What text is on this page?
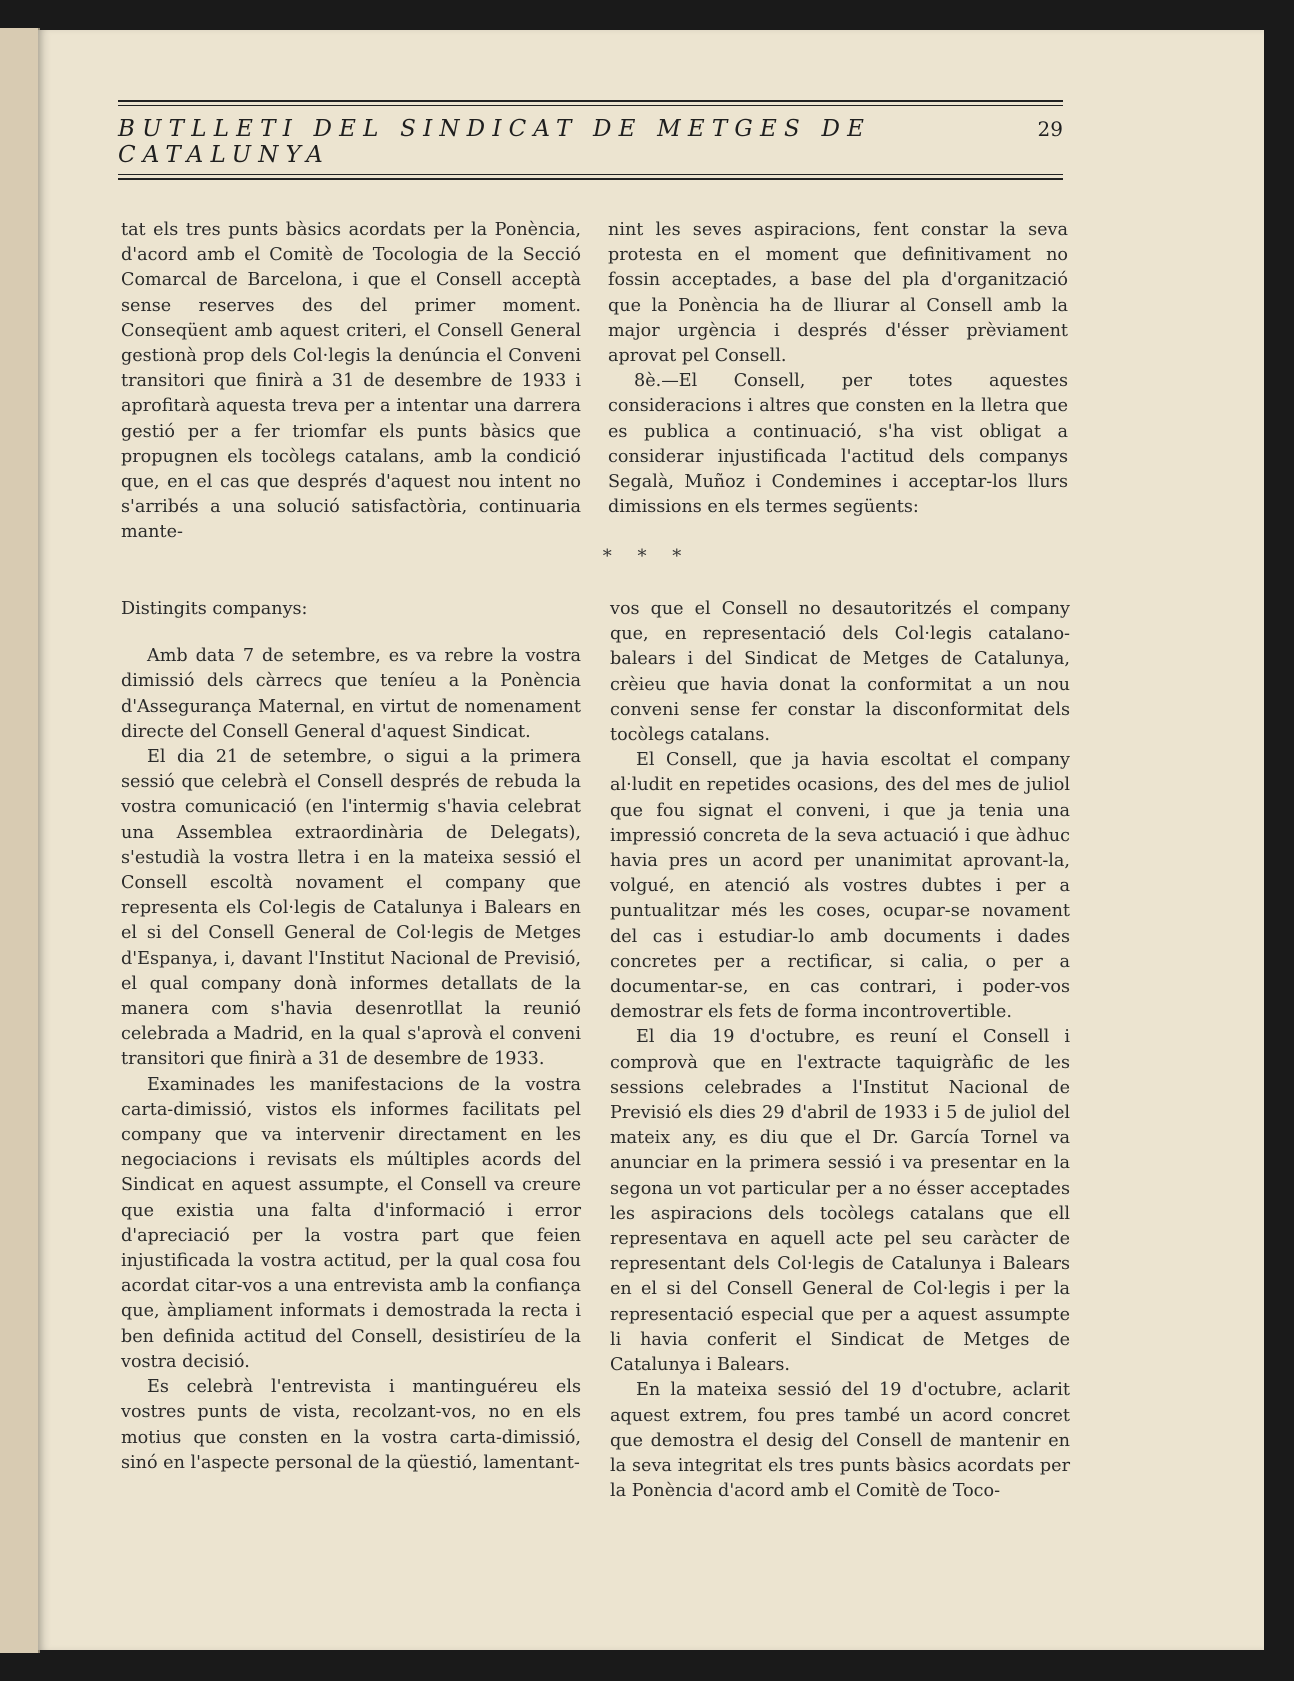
BUTLLETI DEL SINDICAT DE METGES DE CATALUNYA
29

tat els tres punts bàsics acordats per la Ponència, d'acord amb el Comitè de Tocologia de la Secció Comarcal de Barcelona, i que el Consell acceptà sense reserves des del primer moment. Conseqüent amb aquest criteri, el Consell General gestionà prop dels Col·legis la denúncia el Conveni transitori que finirà a 31 de desembre de 1933 i aprofitarà aquesta treva per a intentar una darrera gestió per a fer triomfar els punts bàsics que propugnen els tocòlegs catalans, amb la condició que, en el cas que després d'aquest nou intent no s'arribés a una solució satisfactòria, continuaria mante-

nint les seves aspiracions, fent constar la seva protesta en el moment que definitivament no fossin acceptades, a base del pla d'organització que la Ponència ha de lliurar al Consell amb la major urgència i després d'ésser prèviament aprovat pel Consell.

8è.—El Consell, per totes aquestes consideracions i altres que consten en la lletra que es publica a continuació, s'ha vist obligat a considerar injustificada l'actitud dels companys Segalà, Muñoz i Condemines i acceptar-los llurs dimissions en els termes següents:

* * *

Distingits companys:

Amb data 7 de setembre, es va rebre la vostra dimissió dels càrrecs que teníeu a la Ponència d'Assegurança Maternal, en virtut de nomenament directe del Consell General d'aquest Sindicat.

El dia 21 de setembre, o sigui a la primera sessió que celebrà el Consell després de rebuda la vostra comunicació (en l'intermig s'havia celebrat una Assemblea extraordinària de Delegats), s'estudià la vostra lletra i en la mateixa sessió el Consell escoltà novament el company que representa els Col·legis de Catalunya i Balears en el si del Consell General de Col·legis de Metges d'Espanya, i, davant l'Institut Nacional de Previsió, el qual company donà informes detallats de la manera com s'havia desenrotllat la reunió celebrada a Madrid, en la qual s'aprovà el conveni transitori que finirà a 31 de desembre de 1933.

Examinades les manifestacions de la vostra carta-dimissió, vistos els informes facilitats pel company que va intervenir directament en les negociacions i revisats els múltiples acords del Sindicat en aquest assumpte, el Consell va creure que existia una falta d'informació i error d'apreciació per la vostra part que feien injustificada la vostra actitud, per la qual cosa fou acordat citar-vos a una entrevista amb la confiança que, àmpliament informats i demostrada la recta i ben definida actitud del Consell, desistiríeu de la vostra decisió.

Es celebrà l'entrevista i mantinguéreu els vostres punts de vista, recolzant-vos, no en els motius que consten en la vostra carta-dimissió, sinó en l'aspecte personal de la qüestió, lamentant-

vos que el Consell no desautoritzés el company que, en representació dels Col·legis catalano-balears i del Sindicat de Metges de Catalunya, crèieu que havia donat la conformitat a un nou conveni sense fer constar la disconformitat dels tocòlegs catalans.

El Consell, que ja havia escoltat el company al·ludit en repetides ocasions, des del mes de juliol que fou signat el conveni, i que ja tenia una impressió concreta de la seva actuació i que àdhuc havia pres un acord per unanimitat aprovant-la, volgué, en atenció als vostres dubtes i per a puntualitzar més les coses, ocupar-se novament del cas i estudiar-lo amb documents i dades concretes per a rectificar, si calia, o per a documentar-se, en cas contrari, i poder-vos demostrar els fets de forma incontrovertible.

El dia 19 d'octubre, es reuní el Consell i comprovà que en l'extracte taquigràfic de les sessions celebrades a l'Institut Nacional de Previsió els dies 29 d'abril de 1933 i 5 de juliol del mateix any, es diu que el Dr. García Tornel va anunciar en la primera sessió i va presentar en la segona un vot particular per a no ésser acceptades les aspiracions dels tocòlegs catalans que ell representava en aquell acte pel seu caràcter de representant dels Col·legis de Catalunya i Balears en el si del Consell General de Col·legis i per la representació especial que per a aquest assumpte li havia conferit el Sindicat de Metges de Catalunya i Balears.

En la mateixa sessió del 19 d'octubre, aclarit aquest extrem, fou pres també un acord concret que demostra el desig del Consell de mantenir en la seva integritat els tres punts bàsics acordats per la Ponència d'acord amb el Comitè de Toco-
